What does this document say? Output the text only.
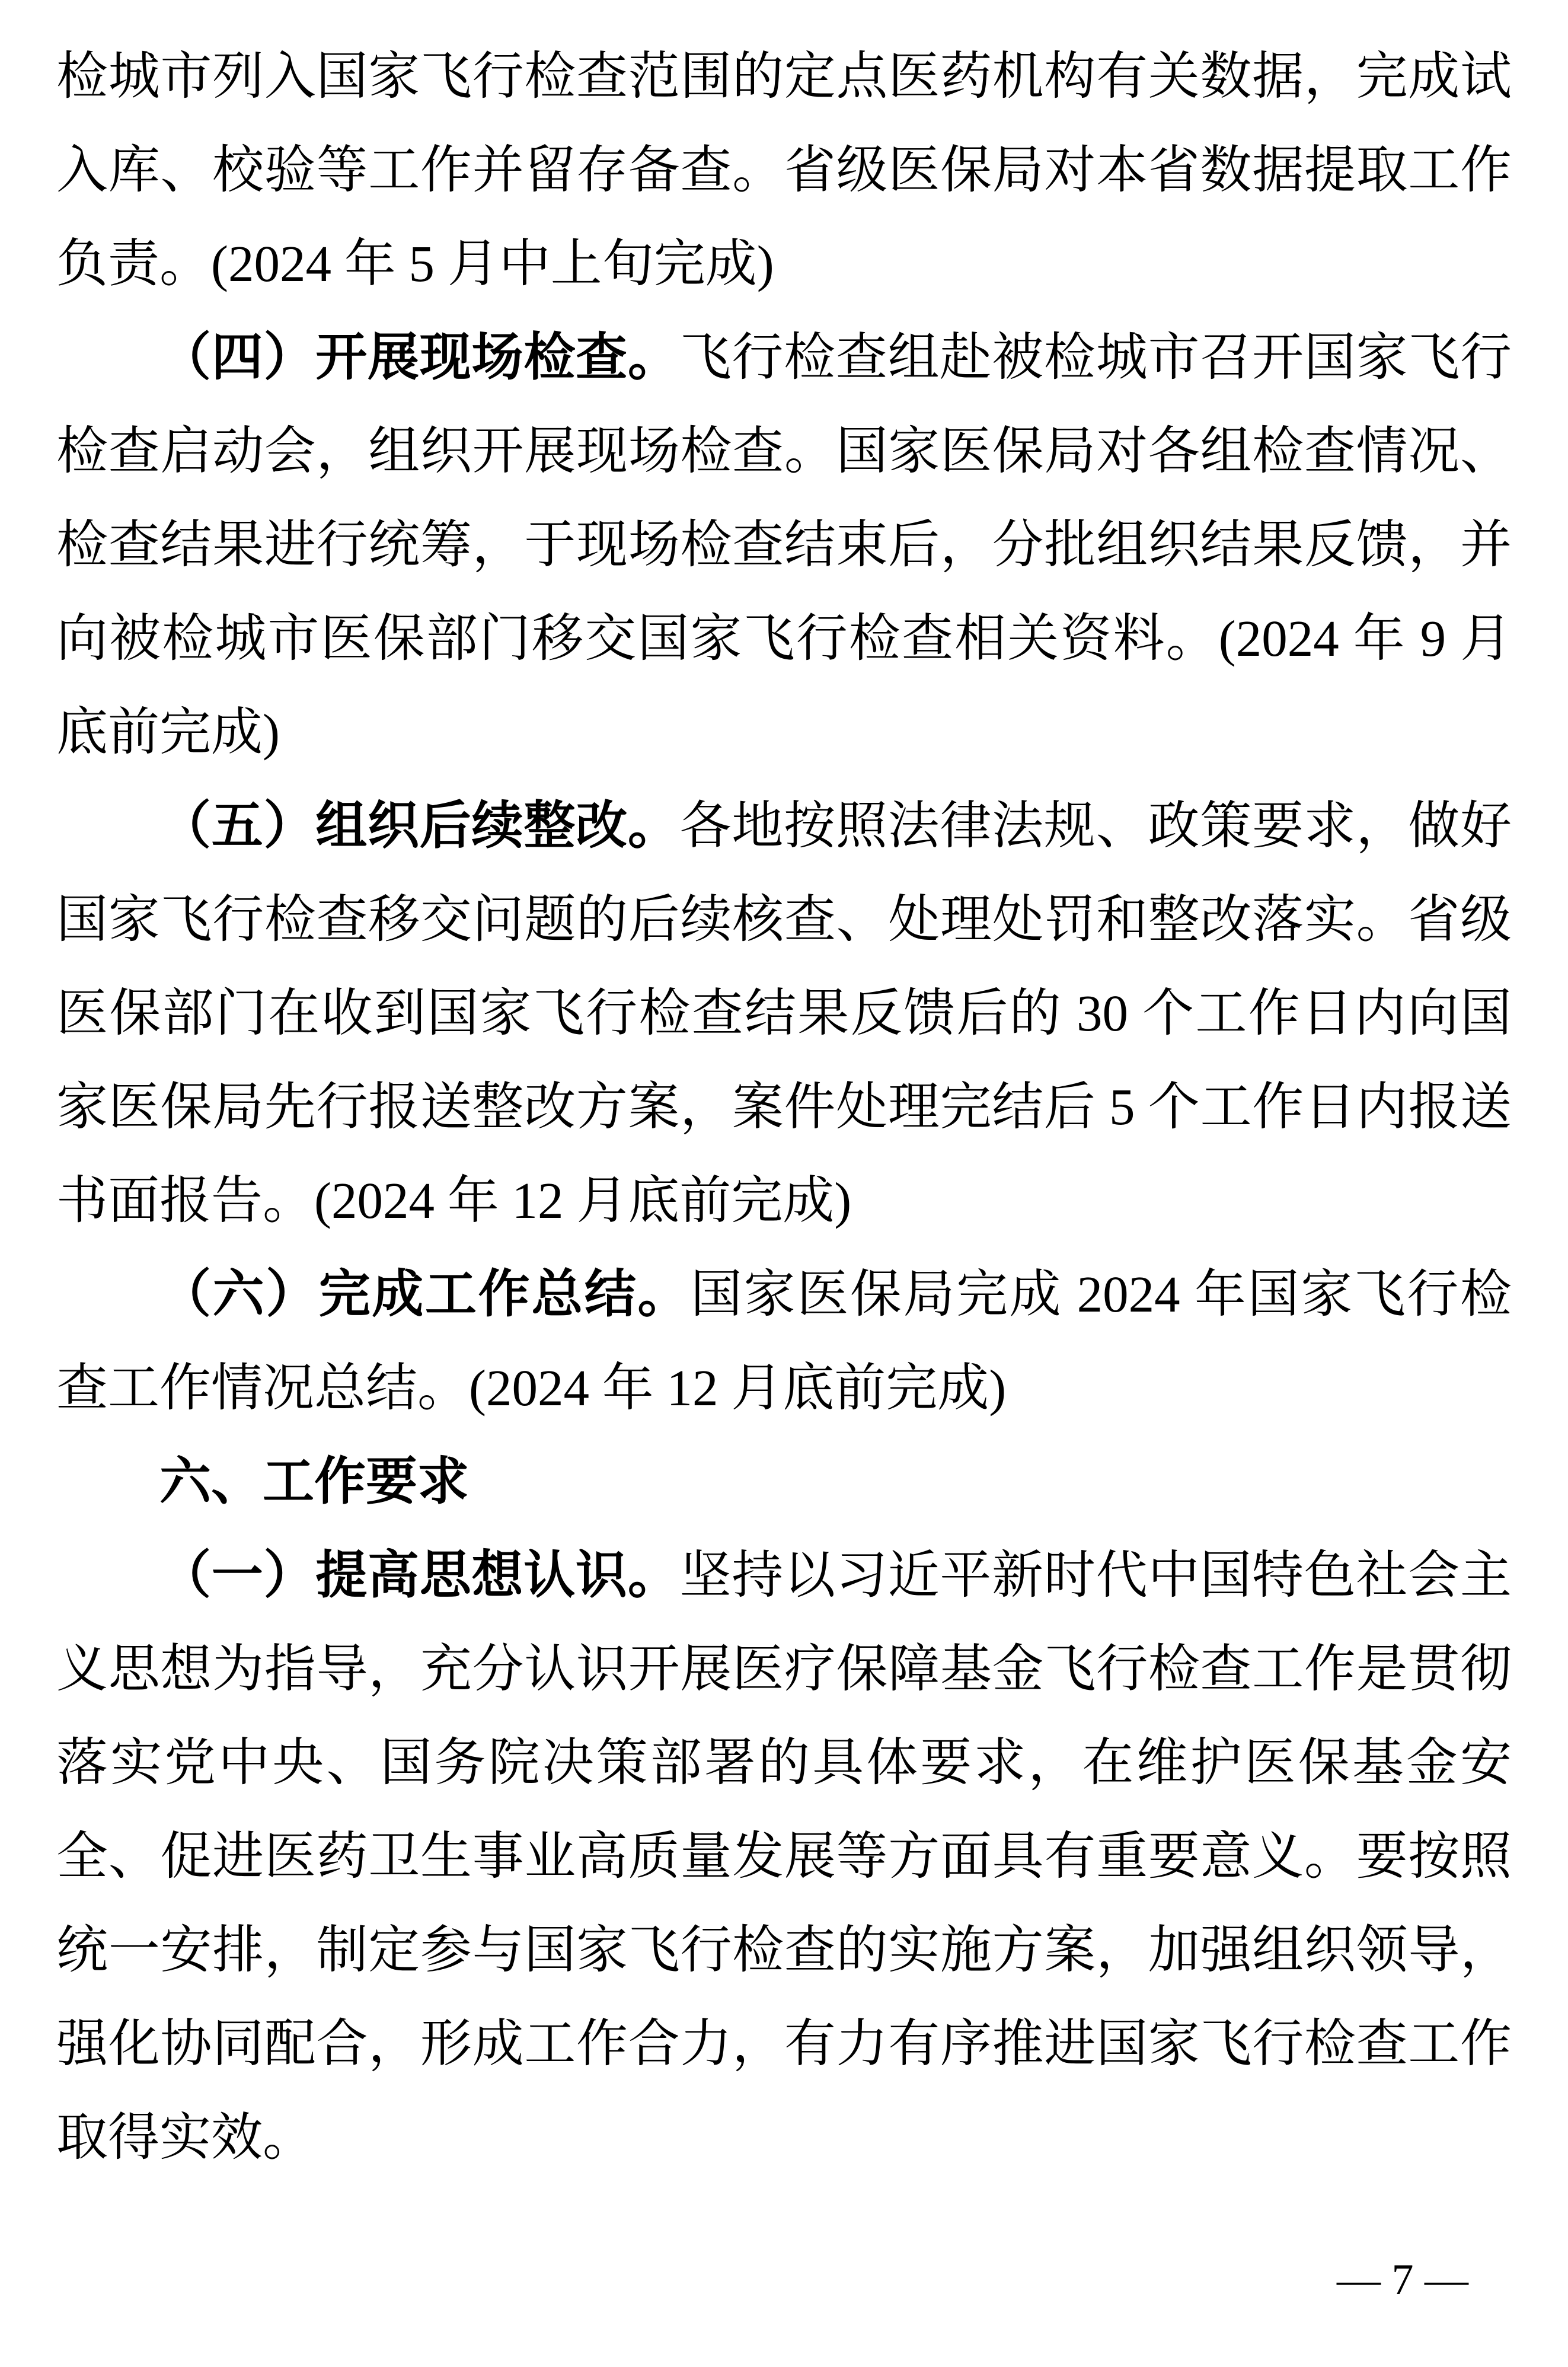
检城市列入国家飞行检查范围的定点医药机构有关数据，完成试入库、校验等工作并留存备查。省级医保局对本省数据提取工作负责。(2024 年 5 月中上旬完成)

（四）开展现场检查。飞行检查组赴被检城市召开国家飞行检查启动会，组织开展现场检查。国家医保局对各组检查情况、检查结果进行统筹，于现场检查结束后，分批组织结果反馈，并向被检城市医保部门移交国家飞行检查相关资料。(2024 年 9 月底前完成)

（五）组织后续整改。各地按照法律法规、政策要求，做好国家飞行检查移交问题的后续核查、处理处罚和整改落实。省级医保部门在收到国家飞行检查结果反馈后的 30 个工作日内向国家医保局先行报送整改方案，案件处理完结后 5 个工作日内报送书面报告。(2024 年 12 月底前完成)

（六）完成工作总结。国家医保局完成 2024 年国家飞行检查工作情况总结。(2024 年 12 月底前完成)

六、工作要求

（一）提高思想认识。坚持以习近平新时代中国特色社会主义思想为指导，充分认识开展医疗保障基金飞行检查工作是贯彻落实党中央、国务院决策部署的具体要求，在维护医保基金安全、促进医药卫生事业高质量发展等方面具有重要意义。要按照统一安排，制定参与国家飞行检查的实施方案，加强组织领导，强化协同配合，形成工作合力，有力有序推进国家飞行检查工作取得实效。

— 7 —
